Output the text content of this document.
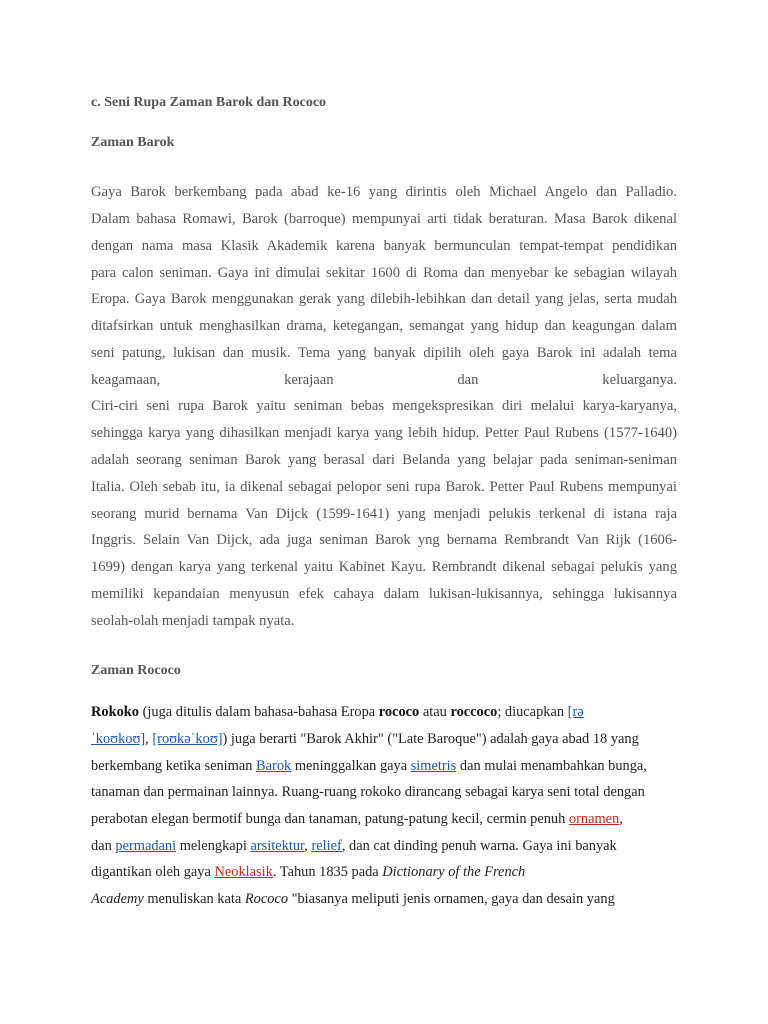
c. Seni Rupa Zaman Barok dan Rococo
Zaman Barok
Gaya Barok berkembang pada abad ke-16 yang dirintis oleh Michael Angelo dan Palladio.
Dalam bahasa Romawi, Barok (barroque) mempunyai arti tidak beraturan. Masa Barok dikenal
dengan nama masa Klasik Akademik karena banyak bermunculan tempat-tempat pendidikan
para calon seniman. Gaya ini dimulai sekitar 1600 di Roma dan menyebar ke sebagian wilayah
Eropa. Gaya Barok menggunakan gerak yang dilebih-lebihkan dan detail yang jelas, serta mudah
ditafsirkan untuk menghasilkan drama, ketegangan, semangat yang hidup dan keagungan dalam
seni patung, lukisan dan musik. Tema yang banyak dipilih oleh gaya Barok ini adalah tema
keagamaan, kerajaan dan keluarganya.
Ciri-ciri seni rupa Barok yaitu seniman bebas mengekspresikan diri melalui karya-karyanya,
sehingga karya yang dihasilkan menjadi karya yang lebih hidup. Petter Paul Rubens (1577-1640)
adalah seorang seniman Barok yang berasal dari Belanda yang belajar pada seniman-seniman
Italia. Oleh sebab itu, ia dikenal sebagai pelopor seni rupa Barok. Petter Paul Rubens mempunyai
seorang murid bernama Van Dijck (1599-1641) yang menjadi pelukis terkenal di istana raja
Inggris. Selain Van Dijck, ada juga seniman Barok yng bernama Rembrandt Van Rijk (1606-
1699) dengan karya yang terkenal yaitu Kabinet Kayu. Rembrandt dikenal sebagai pelukis yang
memiliki kepandaian menyusun efek cahaya dalam lukisan-lukisannya, sehingga lukisannya
seolah-olah menjadi tampak nyata.
Zaman Rococo
Rokoko (juga ditulis dalam bahasa-bahasa Eropa rococo atau roccoco; diucapkan [rə
ˈkoʊkoʊ], [roʊkəˈkoʊ]) juga berarti "Barok Akhir" ("Late Baroque") adalah gaya abad 18 yang
berkembang ketika seniman Barok meninggalkan gaya simetris dan mulai menambahkan bunga,
tanaman dan permainan lainnya. Ruang-ruang rokoko dirancang sebagai karya seni total dengan
perabotan elegan bermotif bunga dan tanaman, patung-patung kecil, cermin penuh ornamen,
dan permadani melengkapi arsitektur, relief, dan cat dinding penuh warna. Gaya ini banyak
digantikan oleh gaya Neoklasik. Tahun 1835 pada Dictionary of the French
Academy menuliskan kata Rococo "biasanya meliputi jenis ornamen, gaya dan desain yang
